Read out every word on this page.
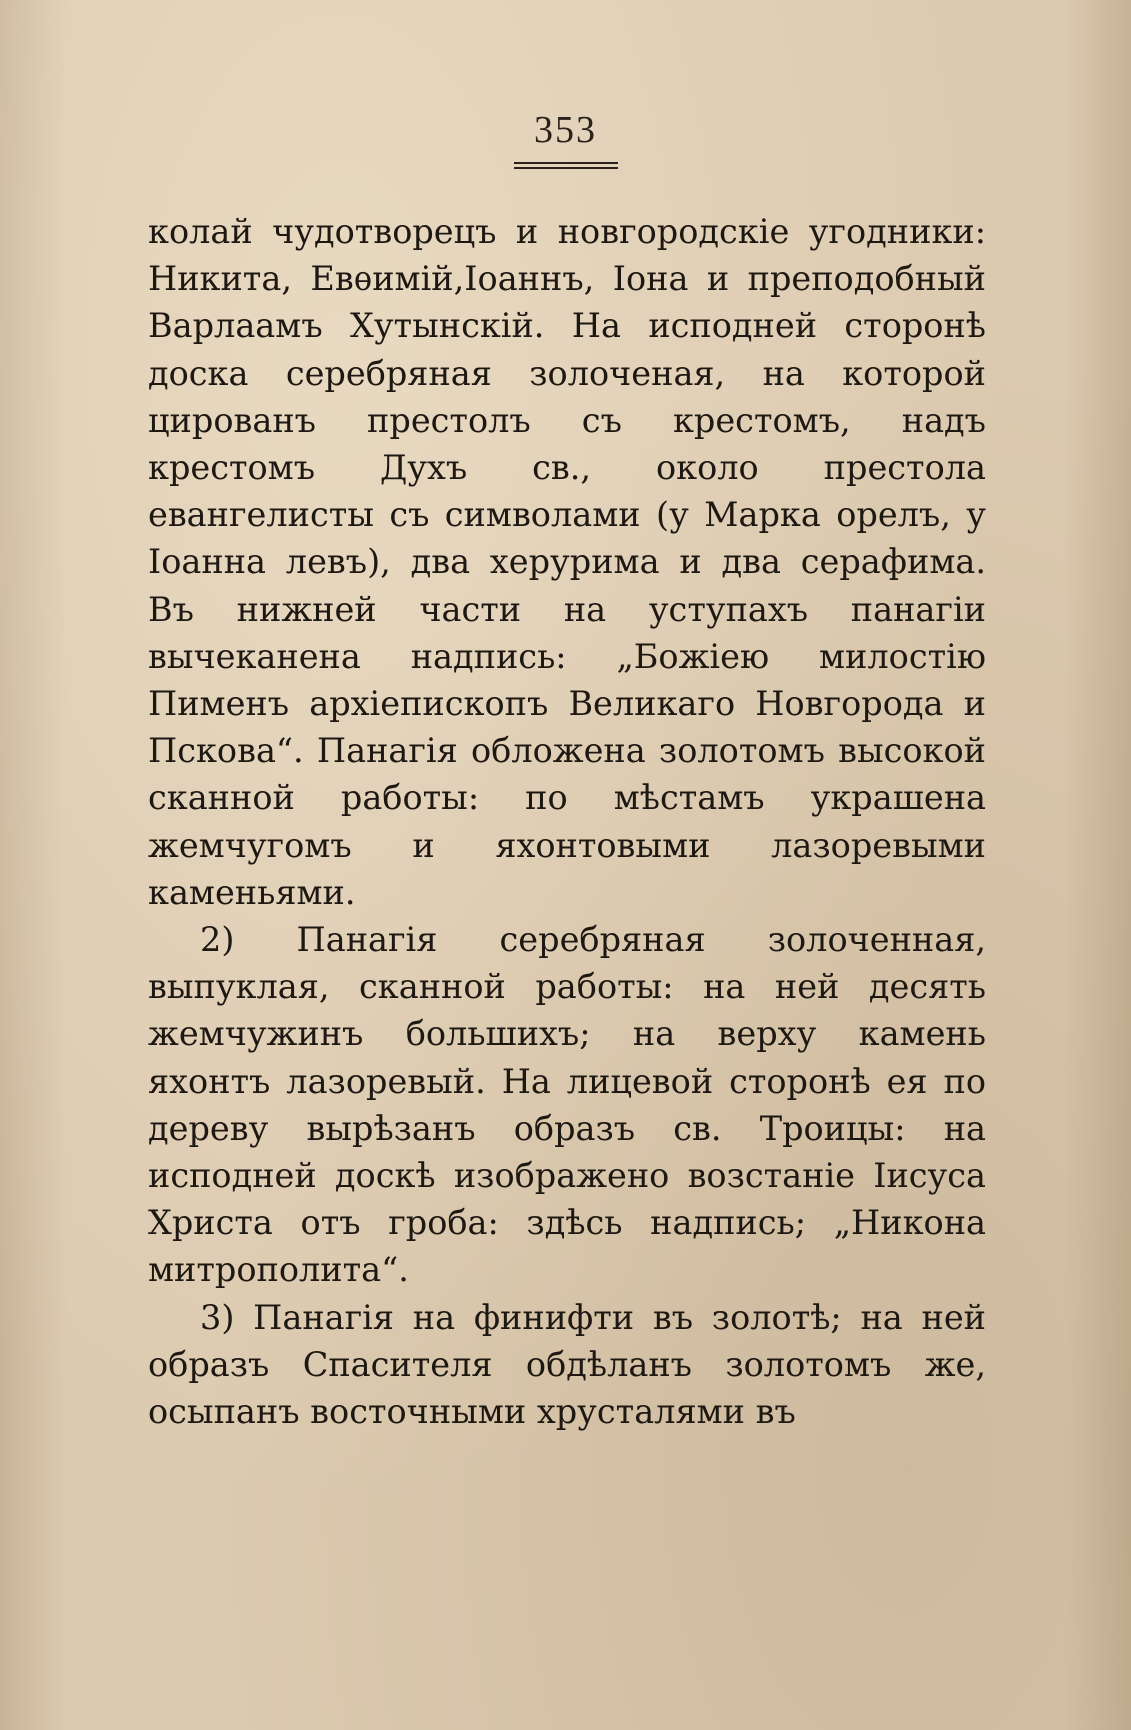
353

колай чудотворецъ и новгородскіе угодники: Никита, Евѳимій,Іоаннъ, Іона и преподобный Варлаамъ Хутынскій. На исподней сторонѣ доска серебряная золоченая, на которой цированъ престолъ съ крестомъ, надъ крестомъ Духъ св., около престола евангелисты съ символами (у Марка орелъ, у Іоанна левъ), два херурима и два серафима. Въ нижней части на уступахъ панагіи вычеканена надпись: „Божіею милостію Пименъ архіепископъ Великаго Новгорода и Пскова“. Панагія обложена золотомъ высокой сканной работы: по мѣстамъ украшена жемчугомъ и яхонтовыми лазоревыми каменьями.

2) Панагія серебряная золоченная, выпуклая, сканной работы: на ней десять жемчужинъ большихъ; на верху камень яхонтъ лазоревый. На лицевой сторонѣ ея по дереву вырѣзанъ образъ св. Троицы: на исподней доскѣ изображено возстаніе Іисуса Христа отъ гроба: здѣсь надпись; „Никона митрополита“.

3) Панагія на финифти въ золотѣ; на ней образъ Спасителя обдѣланъ золотомъ же, осыпанъ восточными хрусталями въ
